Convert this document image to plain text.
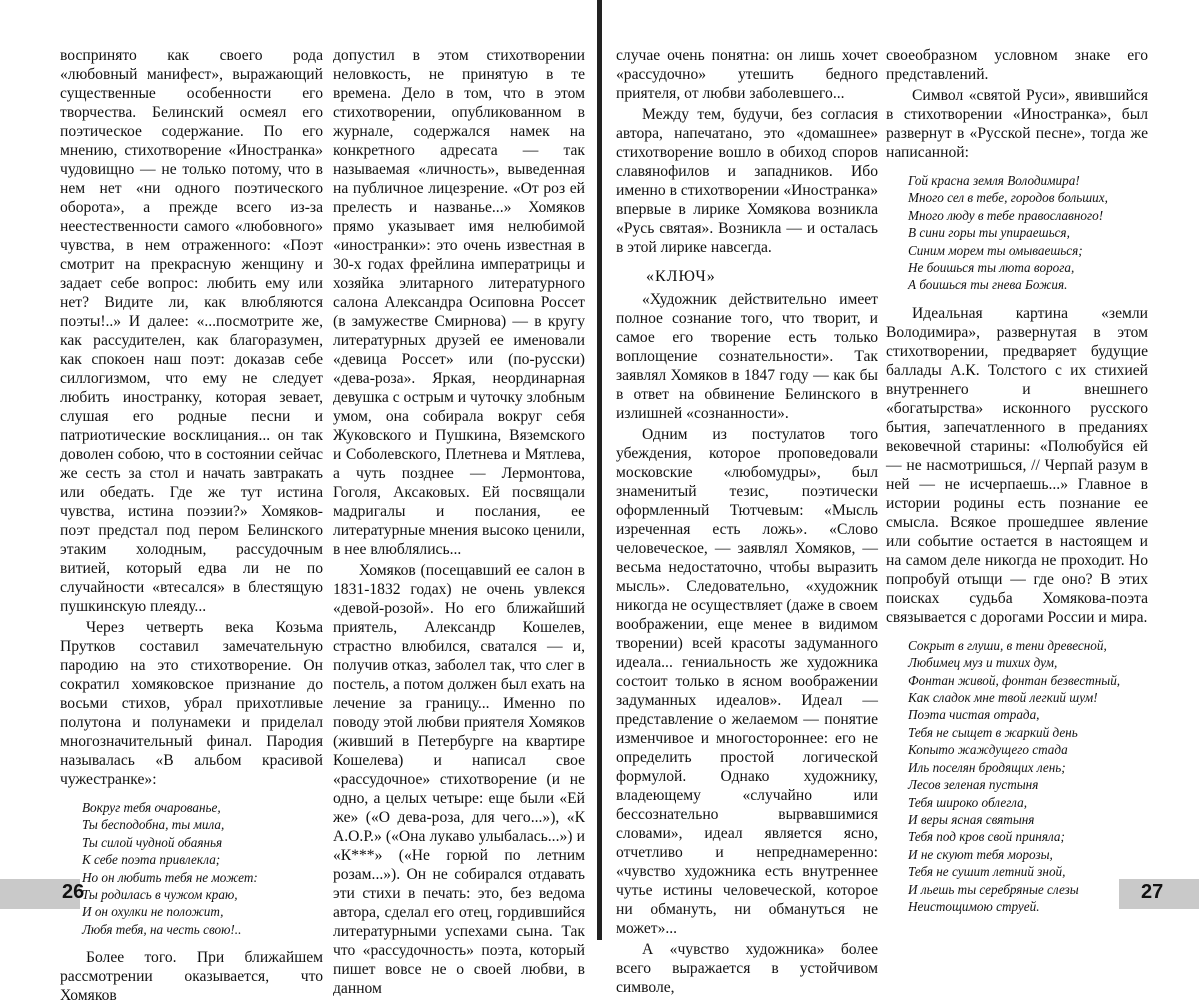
воспринято как своего рода «любовный манифест», выражающий существенные особенности его творчества. Белинский осмеял его поэтическое содержание. По его мнению, стихотворение «Иностранка» чудовищно — не только потому, что в нем нет «ни одного поэтического оборота», а прежде всего из-за неестественности самого «любовного» чувства, в нем отраженного: «Поэт смотрит на прекрасную женщину и задает себе вопрос: любить ему или нет? Видите ли, как влюбляются поэты!..» И далее: «...посмотрите же, как рассудителен, как благоразумен, как спокоен наш поэт: доказав себе силлогизмом, что ему не следует любить иностранку, которая зевает, слушая его родные песни и патриотические восклицания... он так доволен собою, что в состоянии сейчас же сесть за стол и начать завтракать или обедать. Где же тут истина чувства, истина поэзии?» Хомяков-поэт предстал под пером Белинского этаким холодным, рассудочным витией, который едва ли не по случайности «втесался» в блестящую пушкинскую плеяду...

Через четверть века Козьма Прутков составил замечательную пародию на это стихотворение. Он сократил хомяковское признание до восьми стихов, убрал прихотливые полутона и полунамеки и приделал многозначительный финал. Пародия называлась «В альбом красивой чужестранке»:

Вокруг тебя очарованье,
Ты бесподобна, ты мила,
Ты силой чудной обаянья
К себе поэта привлекла;
Но он любить тебя не может:
Ты родилась в чужом краю,
И он охулки не положит,
Любя тебя, на честь свою!..

Более того. При ближайшем рассмотрении оказывается, что Хомяков

допустил в этом стихотворении неловкость, не принятую в те времена. Дело в том, что в этом стихотворении, опубликованном в журнале, содержался намек на конкретного адресата — так называемая «личность», выведенная на публичное лицезрение. «От роз ей прелесть и названье...» Хомяков прямо указывает имя нелюбимой «иностранки»: это очень известная в 30-х годах фрейлина императрицы и хозяйка элитарного литературного салона Александра Осиповна Россет (в замужестве Смирнова) — в кругу литературных друзей ее именовали «девица Россет» или (по-русски) «дева-роза». Яркая, неординарная девушка с острым и чуточку злобным умом, она собирала вокруг себя Жуковского и Пушкина, Вяземского и Соболевского, Плетнева и Мятлева, а чуть позднее — Лермонтова, Гоголя, Аксаковых. Ей посвящали мадригалы и послания, ее литературные мнения высоко ценили, в нее влюблялись...

Хомяков (посещавший ее салон в 1831-1832 годах) не очень увлекся «девой-розой». Но его ближайший приятель, Александр Кошелев, страстно влюбился, сватался — и, получив отказ, заболел так, что слег в постель, а потом должен был ехать на лечение за границу... Именно по поводу этой любви приятеля Хомяков (живший в Петербурге на квартире Кошелева) и написал свое «рассудочное» стихотворение (и не одно, а целых четыре: еще были «Ей же» («О дева-роза, для чего...»), «К А.О.Р.» («Она лукаво улыбалась...») и «К***» («Не горюй по летним розам...»). Он не собирался отдавать эти стихи в печать: это, без ведома автора, сделал его отец, гордившийся литературными успехами сына. Так что «рассудочность» поэта, который пишет вовсе не о своей любви, в данном

26

случае очень понятна: он лишь хочет «рассудочно» утешить бедного приятеля, от любви заболевшего...

Между тем, будучи, без согласия автора, напечатано, это «домашнее» стихотворение вошло в обиход споров славянофилов и западников. Ибо именно в стихотворении «Иностранка» впервые в лирике Хомякова возникла «Русь святая». Возникла — и осталась в этой лирике навсегда.

«КЛЮЧ»

«Художник действительно имеет полное сознание того, что творит, и самое его творение есть только воплощение сознательности». Так заявлял Хомяков в 1847 году — как бы в ответ на обвинение Белинского в излишней «сознанности».

Одним из постулатов того убеждения, которое проповедовали московские «любомудры», был знаменитый тезис, поэтически оформленный Тютчевым: «Мысль изреченная есть ложь». «Слово человеческое, — заявлял Хомяков, — весьма недостаточно, чтобы выразить мысль». Следовательно, «художник никогда не осуществляет (даже в своем воображении, еще менее в видимом творении) всей красоты задуманного идеала... гениальность же художника состоит только в ясном воображении задуманных идеалов». Идеал — представление о желаемом — понятие изменчивое и многостороннее: его не определить простой логической формулой. Однако художнику, владеющему «случайно или бессознательно вырвавшимися словами», идеал является ясно, отчетливо и непреднамеренно: «чувство художника есть внутреннее чутье истины человеческой, которое ни обмануть, ни обмануться не может»...

А «чувство художника» более всего выражается в устойчивом символе,

своеобразном условном знаке его представлений.

Символ «святой Руси», явившийся в стихотворении «Иностранка», был развернут в «Русской песне», тогда же написанной:

Гой красна земля Володимира!
Много сел в тебе, городов больших,
Много люду в тебе православного!
В сини горы ты упираешься,
Синим морем ты омываешься;
Не боишься ты люта ворога,
А боишься ты гнева Божия.

Идеальная картина «земли Володимира», развернутая в этом стихотворении, предваряет будущие баллады А.К. Толстого с их стихией внутреннего и внешнего «богатырства» исконного русского бытия, запечатленного в преданиях вековечной старины: «Полюбуйся ей — не насмотришься, // Черпай разум в ней — не исчерпаешь...» Главное в истории родины есть познание ее смысла. Всякое прошедшее явление или событие остается в настоящем и на самом деле никогда не проходит. Но попробуй отыщи — где оно? В этих поисках судьба Хомякова-поэта связывается с дорогами России и мира.

Сокрыт в глуши, в тени древесной,
Любимец муз и тихих дум,
Фонтан живой, фонтан безвестный,
Как сладок мне твой легкий шум!
Поэта чистая отрада,
Тебя не сыщет в жаркий день
Копыто жаждущего стада
Иль поселян бродящих лень;
Лесов зеленая пустыня
Тебя широко облегла,
И веры ясная святыня
Тебя под кров свой приняла;
И не скуют тебя морозы,
Тебя не сушит летний зной,
И льешь ты серебряные слезы
Неистощимою струей.
27
